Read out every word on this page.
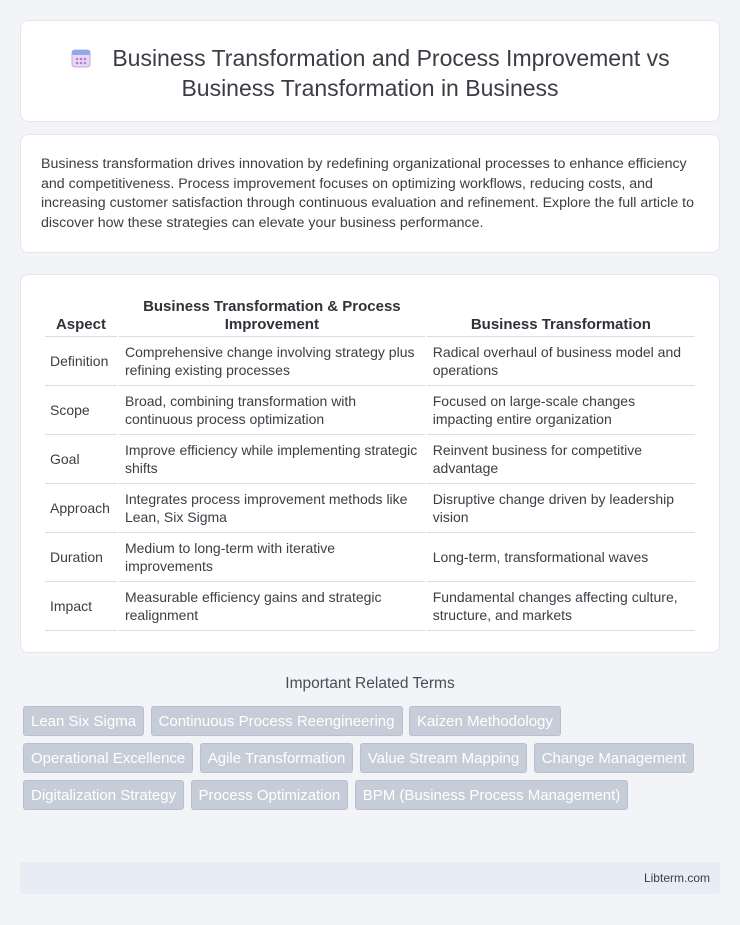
Business Transformation and Process Improvement vs Business Transformation in Business

Business transformation drives innovation by redefining organizational processes to enhance efficiency and competitiveness. Process improvement focuses on optimizing workflows, reducing costs, and increasing customer satisfaction through continuous evaluation and refinement. Explore the full article to discover how these strategies can elevate your business performance.

Aspect	Business Transformation & Process Improvement	Business Transformation
Definition	Comprehensive change involving strategy plus refining existing processes	Radical overhaul of business model and operations
Scope	Broad, combining transformation with continuous process optimization	Focused on large-scale changes impacting entire organization
Goal	Improve efficiency while implementing strategic shifts	Reinvent business for competitive advantage
Approach	Integrates process improvement methods like Lean, Six Sigma	Disruptive change driven by leadership vision
Duration	Medium to long-term with iterative improvements	Long-term, transformational waves
Impact	Measurable efficiency gains and strategic realignment	Fundamental changes affecting culture, structure, and markets
Important Related Terms
Lean Six Sigma Continuous Process Reengineering Kaizen Methodology Operational Excellence Agile Transformation Value Stream Mapping Change Management Digitalization Strategy Process Optimization BPM (Business Process Management)
Libterm.com
